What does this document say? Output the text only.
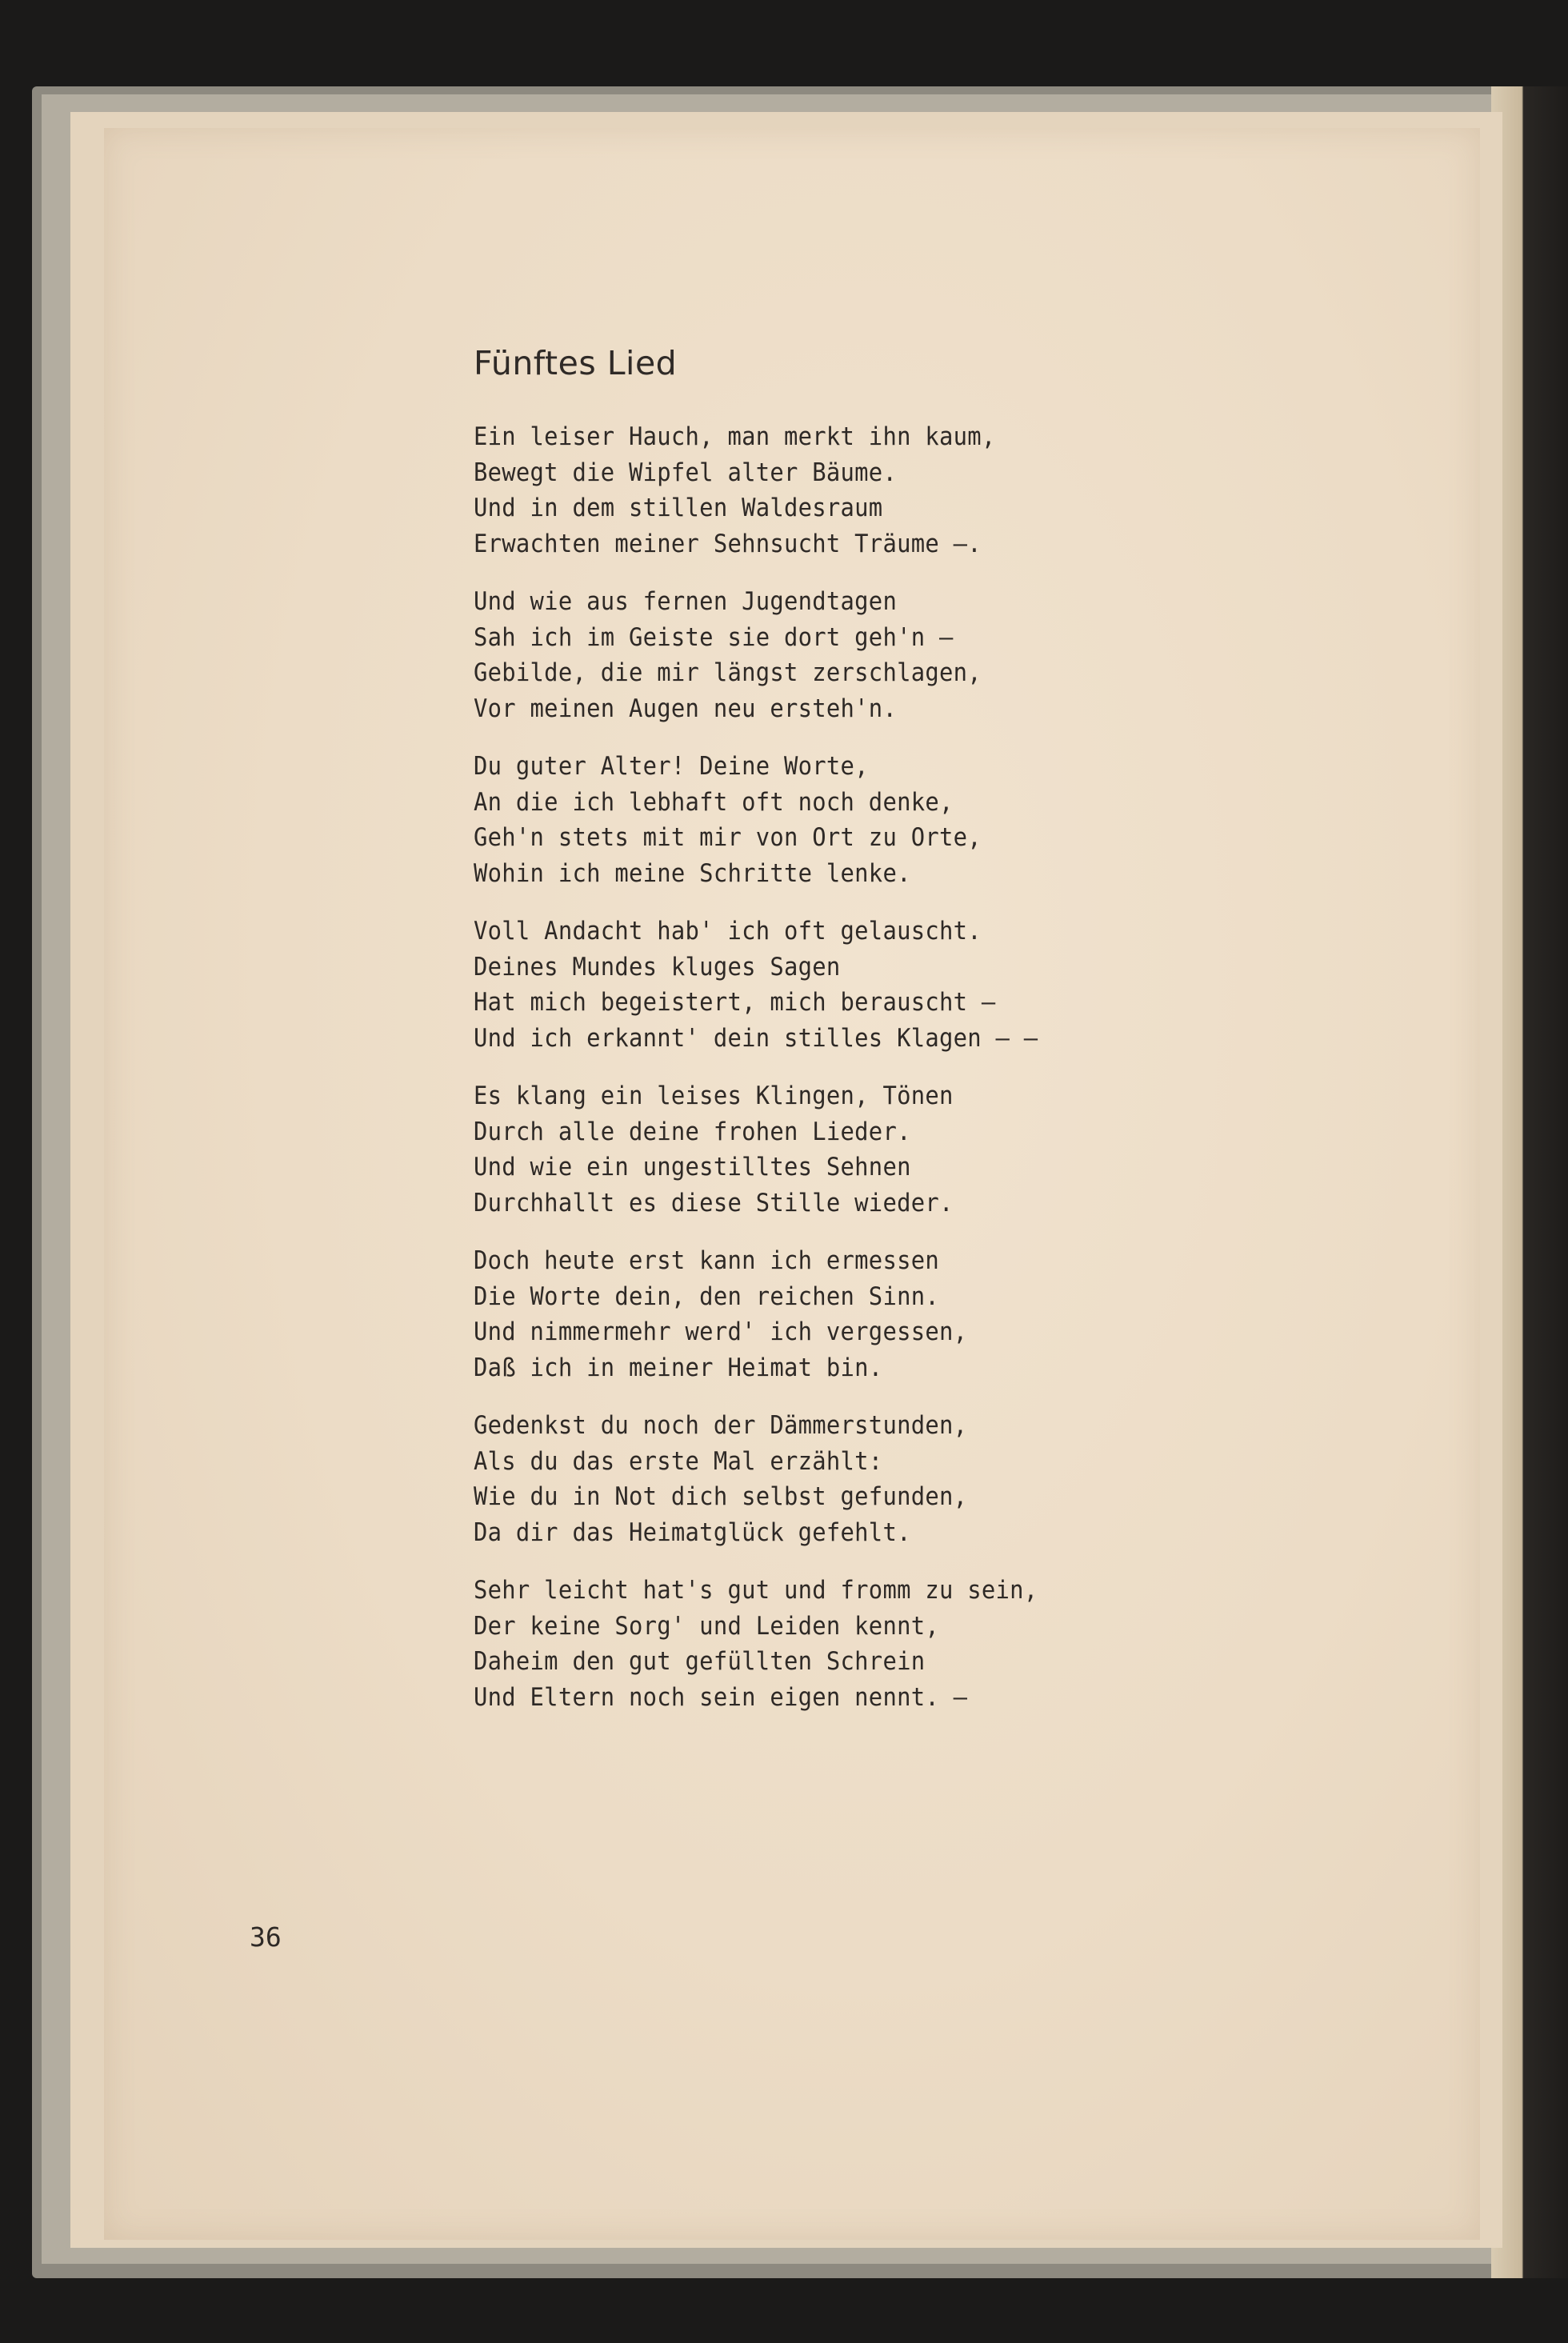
Fünftes Lied
Ein leiser Hauch, man merkt ihn kaum,
Bewegt die Wipfel alter Bäume.
Und in dem stillen Waldesraum
Erwachten meiner Sehnsucht Träume —.
Und wie aus fernen Jugendtagen
Sah ich im Geiste sie dort geh'n —
Gebilde, die mir längst zerschlagen,
Vor meinen Augen neu ersteh'n.
Du guter Alter! Deine Worte,
An die ich lebhaft oft noch denke,
Geh'n stets mit mir von Ort zu Orte,
Wohin ich meine Schritte lenke.
Voll Andacht hab' ich oft gelauscht.
Deines Mundes kluges Sagen
Hat mich begeistert, mich berauscht —
Und ich erkannt' dein stilles Klagen — —
Es klang ein leises Klingen, Tönen
Durch alle deine frohen Lieder.
Und wie ein ungestilltes Sehnen
Durchhallt es diese Stille wieder.
Doch heute erst kann ich ermessen
Die Worte dein, den reichen Sinn.
Und nimmermehr werd' ich vergessen,
Daß ich in meiner Heimat bin.
Gedenkst du noch der Dämmerstunden,
Als du das erste Mal erzählt:
Wie du in Not dich selbst gefunden,
Da dir das Heimatglück gefehlt.
Sehr leicht hat's gut und fromm zu sein,
Der keine Sorg' und Leiden kennt,
Daheim den gut gefüllten Schrein
Und Eltern noch sein eigen nennt. —

36
